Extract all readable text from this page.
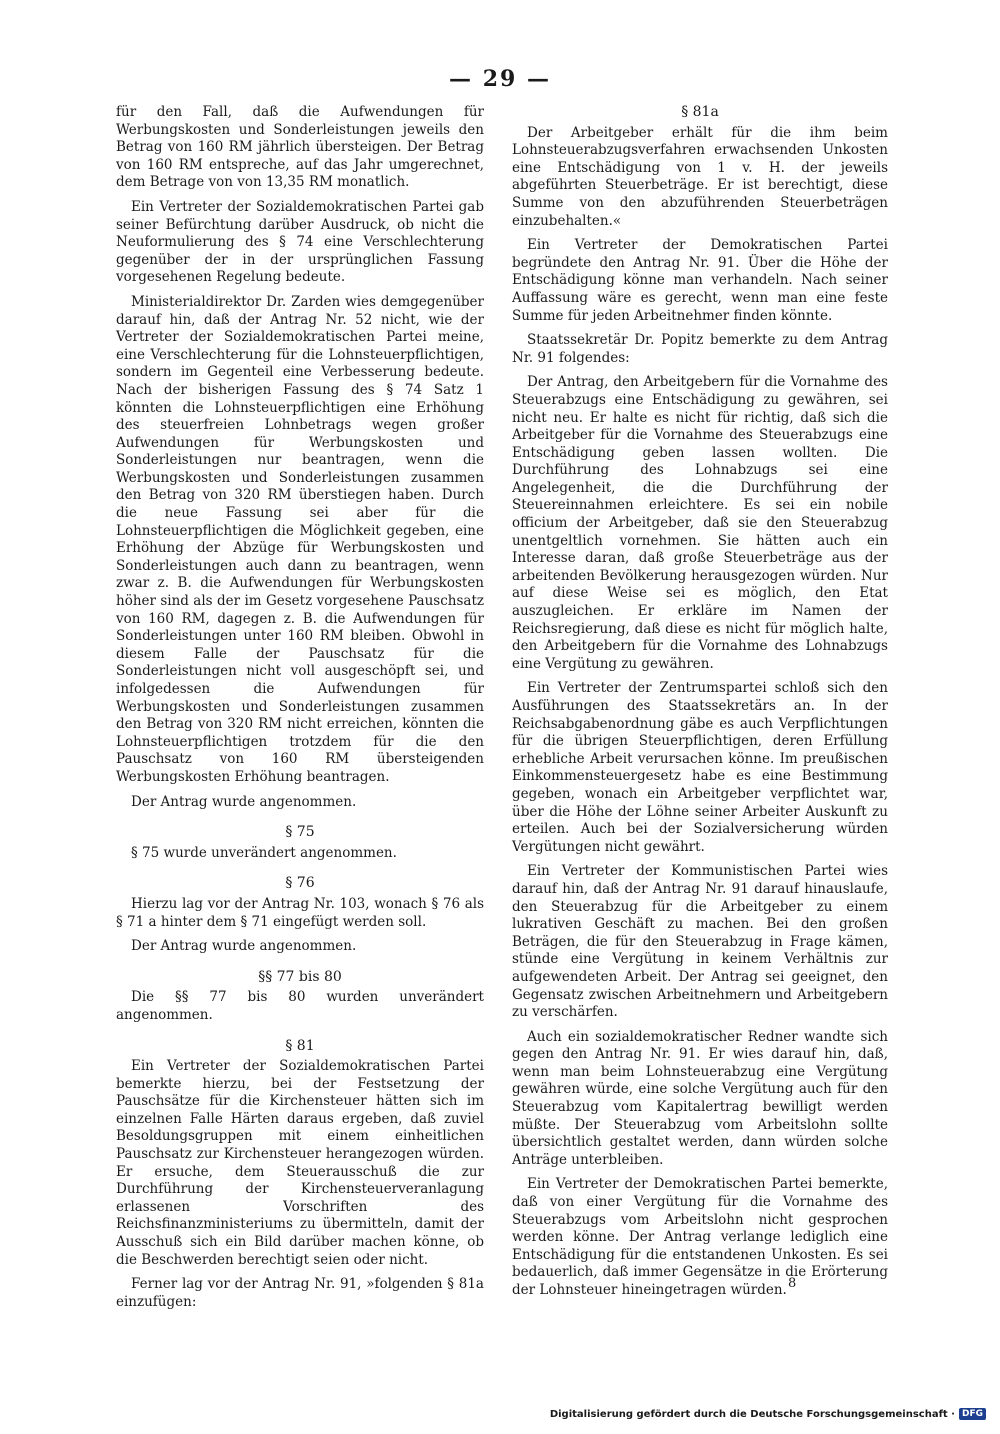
— 29 —

für den Fall, daß die Aufwendungen für Werbungskosten und Sonderleistungen jeweils den Betrag von 160 RM jährlich übersteigen. Der Betrag von 160 RM entspreche, auf das Jahr umgerechnet, dem Betrage von von 13,35 RM monatlich.

Ein Vertreter der Sozialdemokratischen Partei gab seiner Befürchtung darüber Ausdruck, ob nicht die Neuformulierung des § 74 eine Verschlechterung gegenüber der in der ursprünglichen Fassung vorgesehenen Regelung bedeute.

Ministerialdirektor Dr. Zarden wies demgegenüber darauf hin, daß der Antrag Nr. 52 nicht, wie der Vertreter der Sozialdemokratischen Partei meine, eine Verschlechterung für die Lohnsteuerpflichtigen, sondern im Gegenteil eine Verbesserung bedeute. Nach der bisherigen Fassung des § 74 Satz 1 könnten die Lohnsteuerpflichtigen eine Erhöhung des steuerfreien Lohnbetrags wegen großer Aufwendungen für Werbungskosten und Sonderleistungen nur beantragen, wenn die Werbungskosten und Sonderleistungen zusammen den Betrag von 320 RM überstiegen haben. Durch die neue Fassung sei aber für die Lohnsteuerpflichtigen die Möglichkeit gegeben, eine Erhöhung der Abzüge für Werbungskosten und Sonderleistungen auch dann zu beantragen, wenn zwar z. B. die Aufwendungen für Werbungskosten höher sind als der im Gesetz vorgesehene Pauschsatz von 160 RM, dagegen z. B. die Aufwendungen für Sonderleistungen unter 160 RM bleiben. Obwohl in diesem Falle der Pauschsatz für die Sonderleistungen nicht voll ausgeschöpft sei, und infolgedessen die Aufwendungen für Werbungskosten und Sonderleistungen zusammen den Betrag von 320 RM nicht erreichen, könnten die Lohnsteuerpflichtigen trotzdem für die den Pauschsatz von 160 RM übersteigenden Werbungskosten Erhöhung beantragen.

Der Antrag wurde angenommen.

§ 75

§ 75 wurde unverändert angenommen.

§ 76

Hierzu lag vor der Antrag Nr. 103, wonach § 76 als § 71 a hinter dem § 71 eingefügt werden soll.

Der Antrag wurde angenommen.

§§ 77 bis 80

Die §§ 77 bis 80 wurden unverändert angenommen.

§ 81

Ein Vertreter der Sozialdemokratischen Partei bemerkte hierzu, bei der Festsetzung der Pauschsätze für die Kirchensteuer hätten sich im einzelnen Falle Härten daraus ergeben, daß zuviel Besoldungsgruppen mit einem einheitlichen Pauschsatz zur Kirchensteuer herangezogen würden. Er ersuche, dem Steuerausschuß die zur Durchführung der Kirchensteuerveranlagung erlassenen Vorschriften des Reichsfinanzministeriums zu übermitteln, damit der Ausschuß sich ein Bild darüber machen könne, ob die Beschwerden berechtigt seien oder nicht.

Ferner lag vor der Antrag Nr. 91, »folgenden § 81a einzufügen:

§ 81a

Der Arbeitgeber erhält für die ihm beim Lohnsteuerabzugsverfahren erwachsenden Unkosten eine Entschädigung von 1 v. H. der jeweils abgeführten Steuerbeträge. Er ist berechtigt, diese Summe von den abzuführenden Steuerbeträgen einzubehalten.«

Ein Vertreter der Demokratischen Partei begründete den Antrag Nr. 91. Über die Höhe der Entschädigung könne man verhandeln. Nach seiner Auffassung wäre es gerecht, wenn man eine feste Summe für jeden Arbeitnehmer finden könnte.

Staatssekretär Dr. Popitz bemerkte zu dem Antrag Nr. 91 folgendes:

Der Antrag, den Arbeitgebern für die Vornahme des Steuerabzugs eine Entschädigung zu gewähren, sei nicht neu. Er halte es nicht für richtig, daß sich die Arbeitgeber für die Vornahme des Steuerabzugs eine Entschädigung geben lassen wollten. Die Durchführung des Lohnabzugs sei eine Angelegenheit, die die Durchführung der Steuereinnahmen erleichtere. Es sei ein nobile officium der Arbeitgeber, daß sie den Steuerabzug unentgeltlich vornehmen. Sie hätten auch ein Interesse daran, daß große Steuerbeträge aus der arbeitenden Bevölkerung herausgezogen würden. Nur auf diese Weise sei es möglich, den Etat auszugleichen. Er erkläre im Namen der Reichsregierung, daß diese es nicht für möglich halte, den Arbeitgebern für die Vornahme des Lohnabzugs eine Vergütung zu gewähren.

Ein Vertreter der Zentrumspartei schloß sich den Ausführungen des Staatssekretärs an. In der Reichsabgabenordnung gäbe es auch Verpflichtungen für die übrigen Steuerpflichtigen, deren Erfüllung erhebliche Arbeit verursachen könne. Im preußischen Einkommensteuergesetz habe es eine Bestimmung gegeben, wonach ein Arbeitgeber verpflichtet war, über die Höhe der Löhne seiner Arbeiter Auskunft zu erteilen. Auch bei der Sozialversicherung würden Vergütungen nicht gewährt.

Ein Vertreter der Kommunistischen Partei wies darauf hin, daß der Antrag Nr. 91 darauf hinauslaufe, den Steuerabzug für die Arbeitgeber zu einem lukrativen Geschäft zu machen. Bei den großen Beträgen, die für den Steuerabzug in Frage kämen, stünde eine Vergütung in keinem Verhältnis zur aufgewendeten Arbeit. Der Antrag sei geeignet, den Gegensatz zwischen Arbeitnehmern und Arbeitgebern zu verschärfen.

Auch ein sozialdemokratischer Redner wandte sich gegen den Antrag Nr. 91. Er wies darauf hin, daß, wenn man beim Lohnsteuerabzug eine Vergütung gewähren würde, eine solche Vergütung auch für den Steuerabzug vom Kapitalertrag bewilligt werden müßte. Der Steuerabzug vom Arbeitslohn sollte übersichtlich gestaltet werden, dann würden solche Anträge unterbleiben.

Ein Vertreter der Demokratischen Partei bemerkte, daß von einer Vergütung für die Vornahme des Steuerabzugs vom Arbeitslohn nicht gesprochen werden könne. Der Antrag verlange lediglich eine Entschädigung für die entstandenen Unkosten. Es sei bedauerlich, daß immer Gegensätze in die Erörterung der Lohnsteuer hineingetragen würden. 8
Digitalisierung gefördert durch die Deutsche Forschungsgemeinschaft · DFG
